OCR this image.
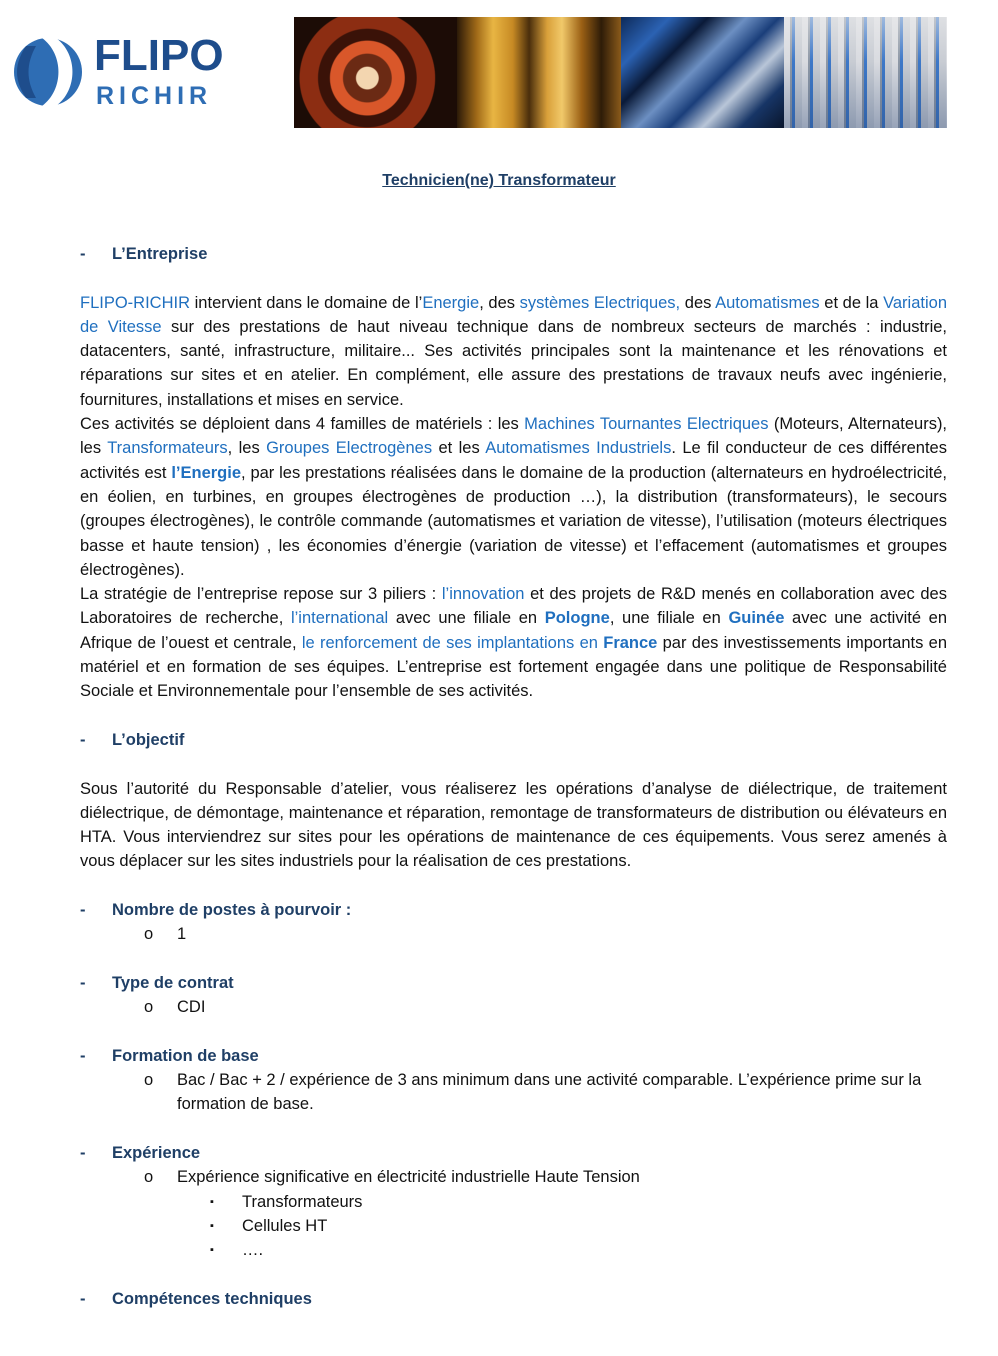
FLIPO
RICHIR
Technicien(ne) Transformateur
- L’Entreprise
FLIPO-RICHIR intervient dans le domaine de l’Energie, des systèmes Electriques, des Automatismes et de la Variation de Vitesse sur des prestations de haut niveau technique dans de nombreux secteurs de marchés : industrie, datacenters, santé, infrastructure, militaire... Ses activités principales sont la maintenance et les rénovations et réparations sur sites et en atelier. En complément, elle assure des prestations de travaux neufs avec ingénierie, fournitures, installations et mises en service.
Ces activités se déploient dans 4 familles de matériels : les Machines Tournantes Electriques (Moteurs, Alternateurs), les Transformateurs, les Groupes Electrogènes et les Automatismes Industriels. Le fil conducteur de ces différentes activités est l’Energie, par les prestations réalisées dans le domaine de la production (alternateurs en hydroélectricité, en éolien, en turbines, en groupes électrogènes de production …), la distribution (transformateurs), le secours (groupes électrogènes), le contrôle commande (automatismes et variation de vitesse), l’utilisation (moteurs électriques basse et haute tension) , les économies d’énergie (variation de vitesse) et l’effacement (automatismes et groupes électrogènes).
La stratégie de l’entreprise repose sur 3 piliers : l’innovation et des projets de R&D menés en collaboration avec des Laboratoires de recherche, l’international avec une filiale en Pologne, une filiale en Guinée avec une activité en Afrique de l’ouest et centrale, le renforcement de ses implantations en France par des investissements importants en matériel et en formation de ses équipes. L’entreprise est fortement engagée dans une politique de Responsabilité Sociale et Environnementale pour l’ensemble de ses activités.
- L’objectif
Sous l’autorité du Responsable d’atelier, vous réaliserez les opérations d’analyse de diélectrique, de traitement diélectrique, de démontage, maintenance et réparation, remontage de transformateurs de distribution ou élévateurs en HTA. Vous interviendrez sur sites pour les opérations de maintenance de ces équipements. Vous serez amenés à vous déplacer sur les sites industriels pour la réalisation de ces prestations.
- Nombre de postes à pourvoir :
o 1
- Type de contrat
o CDI
- Formation de base
o Bac / Bac + 2 / expérience de 3 ans minimum dans une activité comparable. L’expérience prime sur la formation de base.
- Expérience
o Expérience significative en électricité industrielle Haute Tension
▪ Transformateurs
▪ Cellules HT
▪ ….
- Compétences techniques
